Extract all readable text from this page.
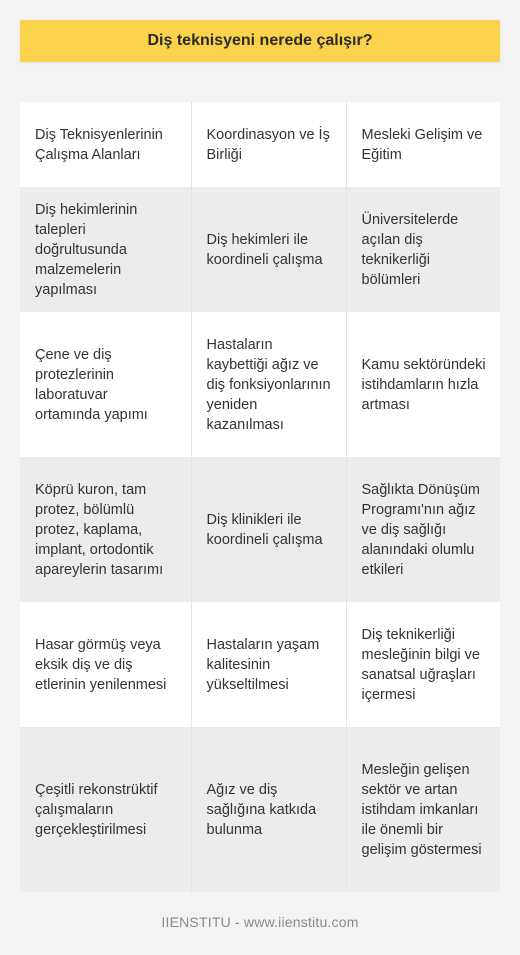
Diş teknisyeni nerede çalışır?
Diş Teknisyenlerinin Çalışma Alanları	Koordinasyon ve İş Birliği	Mesleki Gelişim ve Eğitim
Diş hekimlerinin talepleri doğrultusunda malzemelerin yapılması	Diş hekimleri ile koordineli çalışma	Üniversitelerde açılan diş teknikerliği bölümleri
Çene ve diş protezlerinin laboratuvar ortamında yapımı	Hastaların kaybettiği ağız ve diş fonksiyonlarının yeniden kazanılması	Kamu sektöründeki istihdamların hızla artması
Köprü kuron, tam protez, bölümlü protez, kaplama, implant, ortodontik apareylerin tasarımı	Diş klinikleri ile koordineli çalışma	Sağlıkta Dönüşüm Programı'nın ağız ve diş sağlığı alanındaki olumlu etkileri
Hasar görmüş veya eksik diş ve diş etlerinin yenilenmesi	Hastaların yaşam kalitesinin yükseltilmesi	Diş teknikerliği mesleğinin bilgi ve sanatsal uğraşları içermesi
Çeşitli rekonstrüktif çalışmaların gerçekleştirilmesi	Ağız ve diş sağlığına katkıda bulunma	Mesleğin gelişen sektör ve artan istihdam imkanları ile önemli bir gelişim göstermesi
IIENSTITU - www.iienstitu.com
